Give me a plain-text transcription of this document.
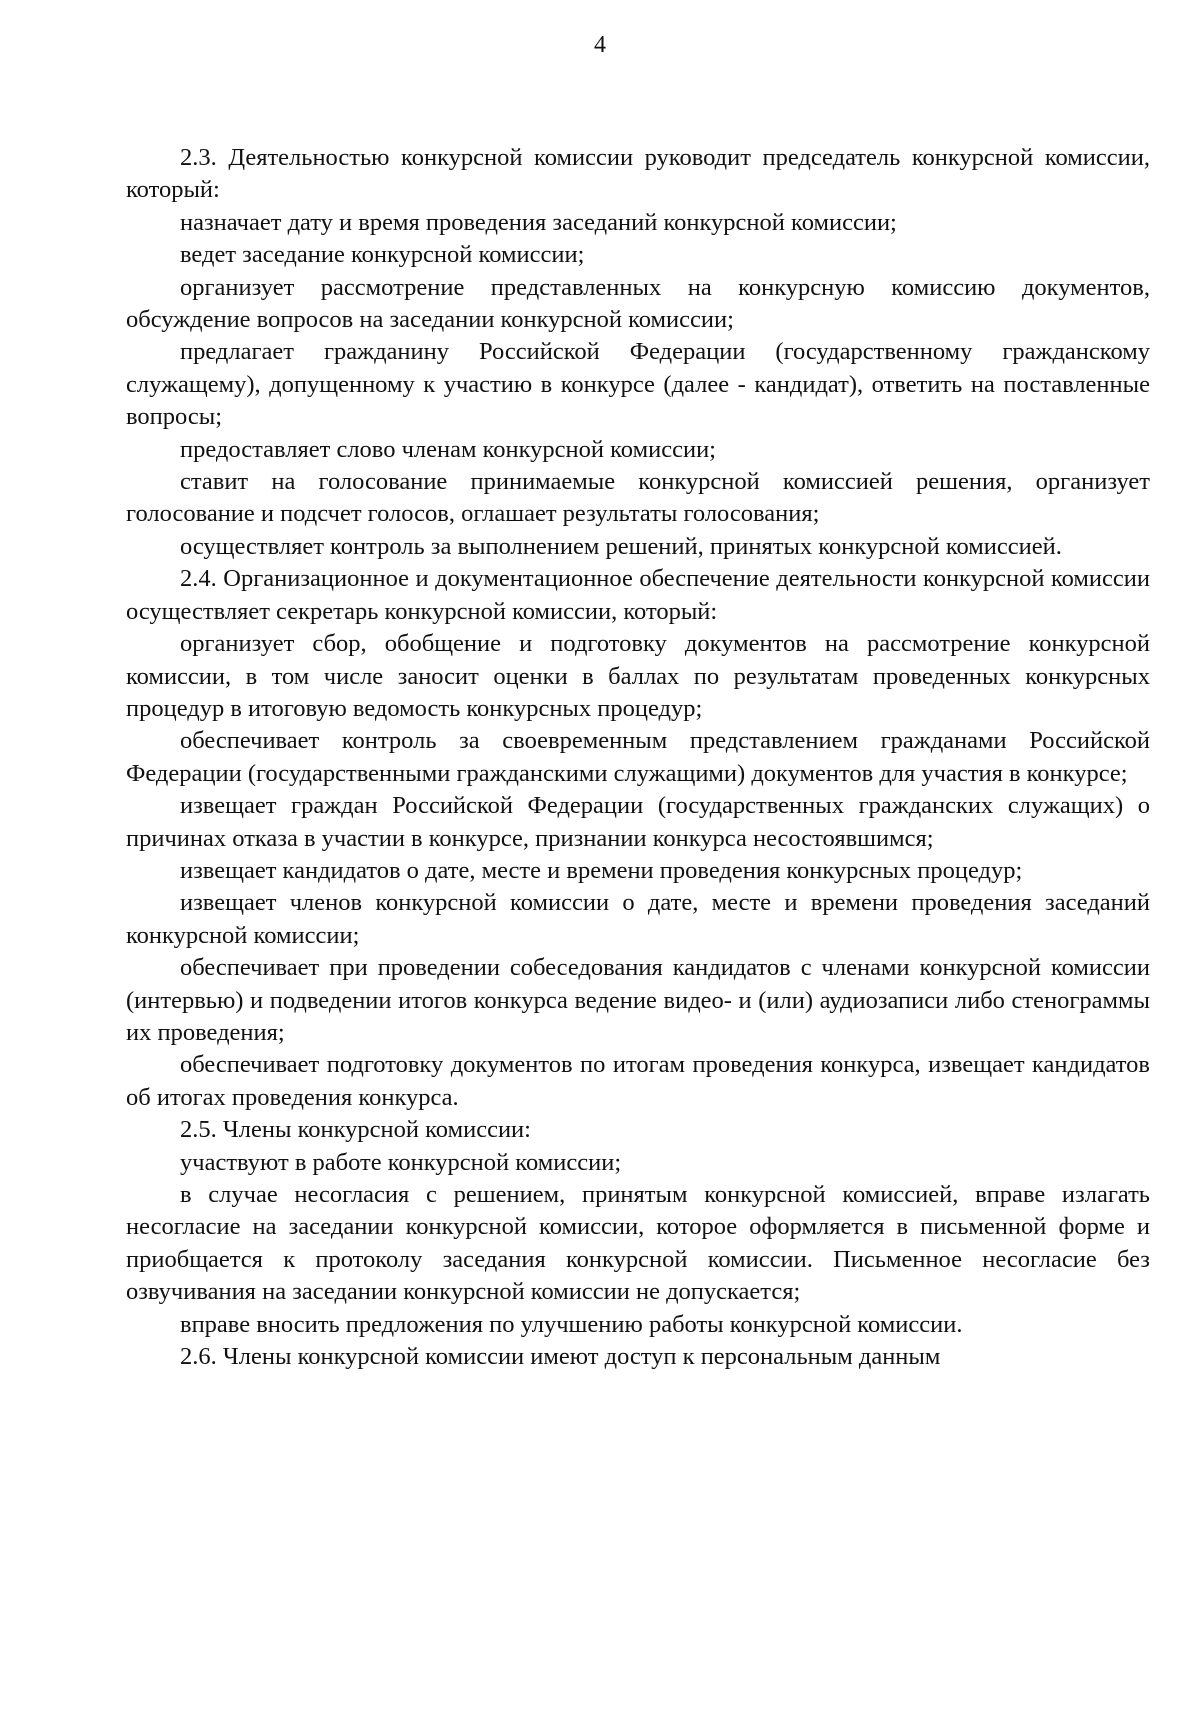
4

2.3. Деятельностью конкурсной комиссии руководит председатель конкурсной комиссии, который:

назначает дату и время проведения заседаний конкурсной комиссии;

ведет заседание конкурсной комиссии;

организует рассмотрение представленных на конкурсную комиссию документов, обсуждение вопросов на заседании конкурсной комиссии;

предлагает гражданину Российской Федерации (государственному гражданскому служащему), допущенному к участию в конкурсе (далее - кандидат), ответить на поставленные вопросы;

предоставляет слово членам конкурсной комиссии;

ставит на голосование принимаемые конкурсной комиссией решения, организует голосование и подсчет голосов, оглашает результаты голосования;

осуществляет контроль за выполнением решений, принятых конкурсной комиссией.

2.4. Организационное и документационное обеспечение деятельности конкурсной комиссии осуществляет секретарь конкурсной комиссии, который:

организует сбор, обобщение и подготовку документов на рассмотрение конкурсной комиссии, в том числе заносит оценки в баллах по результатам проведенных конкурсных процедур в итоговую ведомость конкурсных процедур;

обеспечивает контроль за своевременным представлением гражданами Российской Федерации (государственными гражданскими служащими) документов для участия в конкурсе;

извещает граждан Российской Федерации (государственных гражданских служащих) о причинах отказа в участии в конкурсе, признании конкурса несостоявшимся;

извещает кандидатов о дате, месте и времени проведения конкурсных процедур;

извещает членов конкурсной комиссии о дате, месте и времени проведения заседаний конкурсной комиссии;

обеспечивает при проведении собеседования кандидатов с членами конкурсной комиссии (интервью) и подведении итогов конкурса ведение видео- и (или) аудиозаписи либо стенограммы их проведения;

обеспечивает подготовку документов по итогам проведения конкурса, извещает кандидатов об итогах проведения конкурса.

2.5. Члены конкурсной комиссии:

участвуют в работе конкурсной комиссии;

в случае несогласия с решением, принятым конкурсной комиссией, вправе излагать несогласие на заседании конкурсной комиссии, которое оформляется в письменной форме и приобщается к протоколу заседания конкурсной комиссии. Письменное несогласие без озвучивания на заседании конкурсной комиссии не допускается;

вправе вносить предложения по улучшению работы конкурсной комиссии.

2.6. Члены конкурсной комиссии имеют доступ к персональным данным
